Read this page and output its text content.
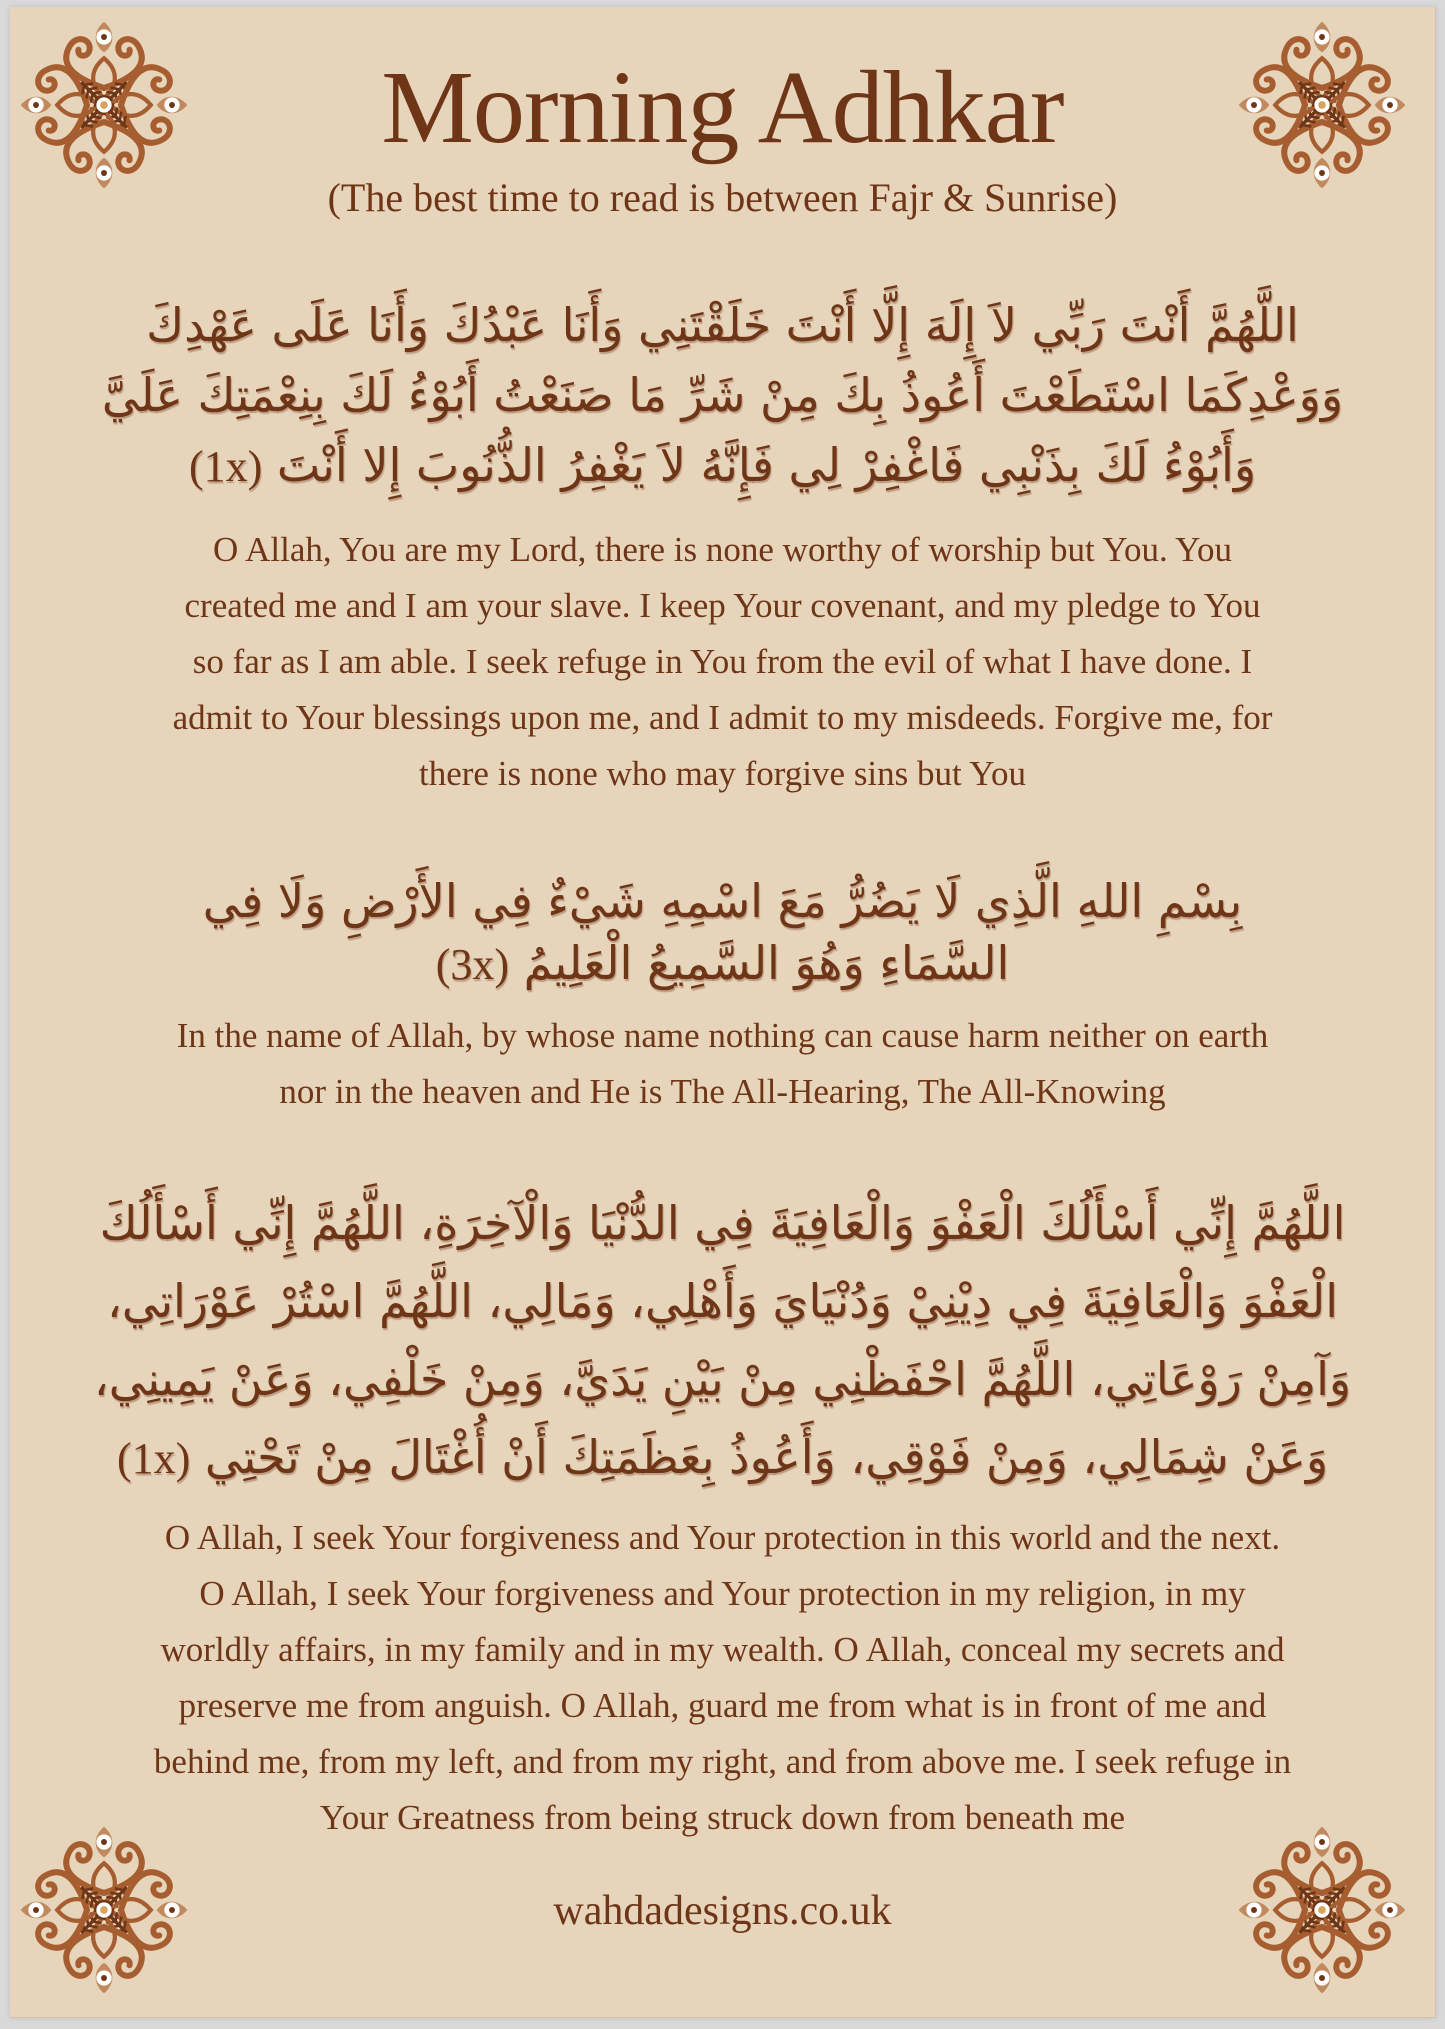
Morning Adhkar
(The best time to read is between Fajr & Sunrise)
اللَّهُمَّ أَنْتَ رَبِّي لاَ إِلَهَ إِلَّا أَنْتَ خَلَقْتَنِي وَأَنَا عَبْدُكَ وَأَنَا عَلَى عَهْدِكَ
وَوَعْدِكَمَا اسْتَطَعْتَ أَعُوذُ بِكَ مِنْ شَرِّ مَا صَنَعْتُ أَبُوْءُ لَكَ بِنِعْمَتِكَ عَلَيَّ
وَأَبُوْءُ لَكَ بِذَنْبِي فَاغْفِرْ لِي فَإِنَّهُ لاَ يَغْفِرُ الذُّنُوبَ إِلا أَنْتَ (1x)
O Allah, You are my Lord, there is none worthy of worship but You. You
created me and I am your slave. I keep Your covenant, and my pledge to You
so far as I am able. I seek refuge in You from the evil of what I have done. I
admit to Your blessings upon me, and I admit to my misdeeds. Forgive me, for
there is none who may forgive sins but You
بِسْمِ اللهِ الَّذِي لَا يَضُرُّ مَعَ اسْمِهِ شَيْءٌ فِي الأَرْضِ وَلَا فِي
السَّمَاءِ وَهُوَ السَّمِيعُ الْعَلِيمُ (3x)
In the name of Allah, by whose name nothing can cause harm neither on earth
nor in the heaven and He is The All-Hearing, The All-Knowing
اللَّهُمَّ إِنِّي أَسْأَلُكَ الْعَفْوَ وَالْعَافِيَةَ فِي الدُّنْيَا وَالْآخِرَةِ، اللَّهُمَّ إِنِّي أَسْأَلُكَ
الْعَفْوَ وَالْعَافِيَةَ فِي دِيْنِيْ وَدُنْيَايَ وَأَهْلِي، وَمَالِي، اللَّهُمَّ اسْتُرْ عَوْرَاتِي،
وَآمِنْ رَوْعَاتِي، اللَّهُمَّ احْفَظْنِي مِنْ بَيْنِ يَدَيَّ، وَمِنْ خَلْفِي، وَعَنْ يَمِينِي،
وَعَنْ شِمَالِي، وَمِنْ فَوْقِي، وَأَعُوذُ بِعَظَمَتِكَ أَنْ أُغْتَالَ مِنْ تَحْتِي (1x)
O Allah, I seek Your forgiveness and Your protection in this world and the next.
O Allah, I seek Your forgiveness and Your protection in my religion, in my
worldly affairs, in my family and in my wealth. O Allah, conceal my secrets and
preserve me from anguish. O Allah, guard me from what is in front of me and
behind me, from my left, and from my right, and from above me. I seek refuge in
Your Greatness from being struck down from beneath me
wahdadesigns.co.uk
